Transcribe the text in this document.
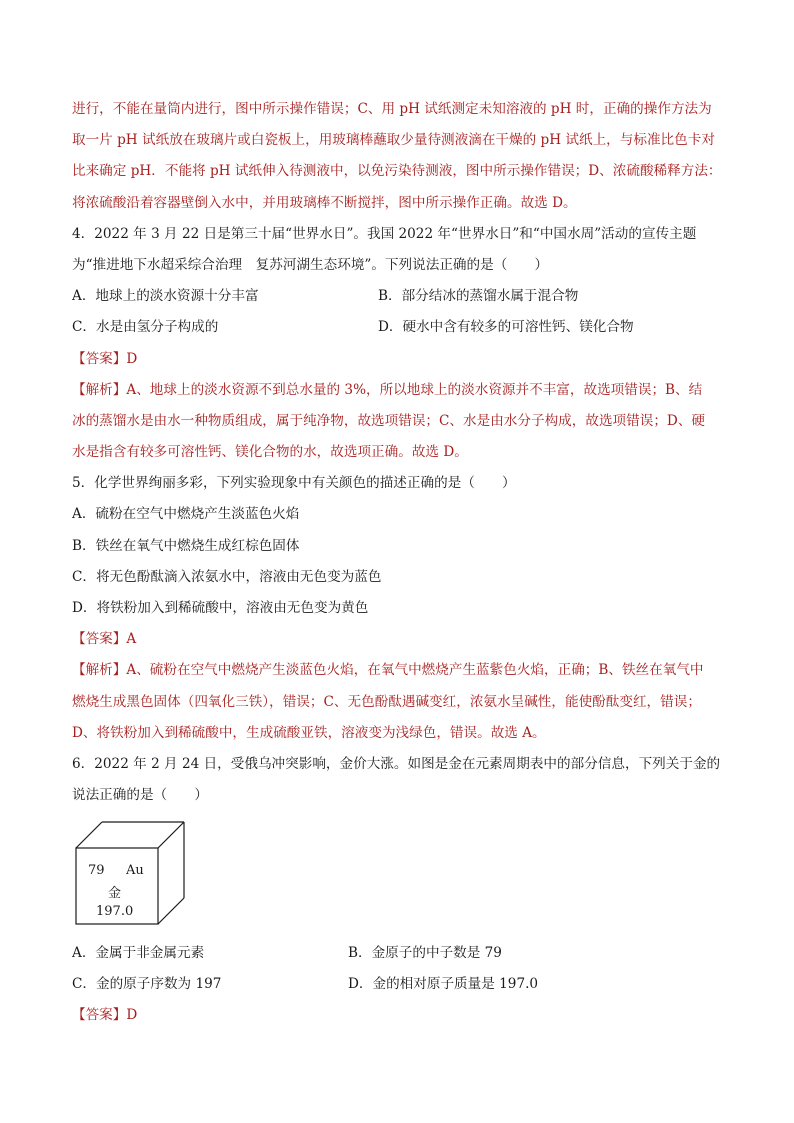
进行，不能在量筒内进行，图中所示操作错误；C、用 pH 试纸测定未知溶液的 pH 时，正确的操作方法为
取一片 pH 试纸放在玻璃片或白瓷板上，用玻璃棒蘸取少量待测液滴在干燥的 pH 试纸上，与标准比色卡对
比来确定 pH．不能将 pH 试纸伸入待测液中，以免污染待测液，图中所示操作错误；D、浓硫酸稀释方法：
将浓硫酸沿着容器壁倒入水中，并用玻璃棒不断搅拌，图中所示操作正确。故选 D。
4．2022 年 3 月 22 日是第三十届“世界水日”。我国 2022 年“世界水日”和“中国水周”活动的宣传主题
为“推进地下水超采综合治理　复苏河湖生态环境”。下列说法正确的是（　　）
A．地球上的淡水资源十分丰富	B．部分结冰的蒸馏水属于混合物
C．水是由氢分子构成的	D．硬水中含有较多的可溶性钙、镁化合物
【答案】D
【解析】A、地球上的淡水资源不到总水量的 3%，所以地球上的淡水资源并不丰富，故选项错误；B、结
冰的蒸馏水是由水一种物质组成，属于纯净物，故选项错误；C、水是由水分子构成，故选项错误；D、硬
水是指含有较多可溶性钙、镁化合物的水，故选项正确。故选 D。
5．化学世界绚丽多彩，下列实验现象中有关颜色的描述正确的是（　　）
A．硫粉在空气中燃烧产生淡蓝色火焰
B．铁丝在氧气中燃烧生成红棕色固体
C．将无色酚酞滴入浓氨水中，溶液由无色变为蓝色
D．将铁粉加入到稀硫酸中，溶液由无色变为黄色
【答案】A
【解析】A、硫粉在空气中燃烧产生淡蓝色火焰，在氧气中燃烧产生蓝紫色火焰，正确；B、铁丝在氧气中
燃烧生成黑色固体（四氧化三铁），错误；C、无色酚酞遇碱变红，浓氨水呈碱性，能使酚酞变红，错误；
D、将铁粉加入到稀硫酸中，生成硫酸亚铁，溶液变为浅绿色，错误。故选 A。
6．2022 年 2 月 24 日，受俄乌冲突影响，金价大涨。如图是金在元素周期表中的部分信息，下列关于金的
说法正确的是（　　）
79 Au
金
197.0
A．金属于非金属元素	B．金原子的中子数是 79
C．金的原子序数为 197	D．金的相对原子质量是 197.0
【答案】D
